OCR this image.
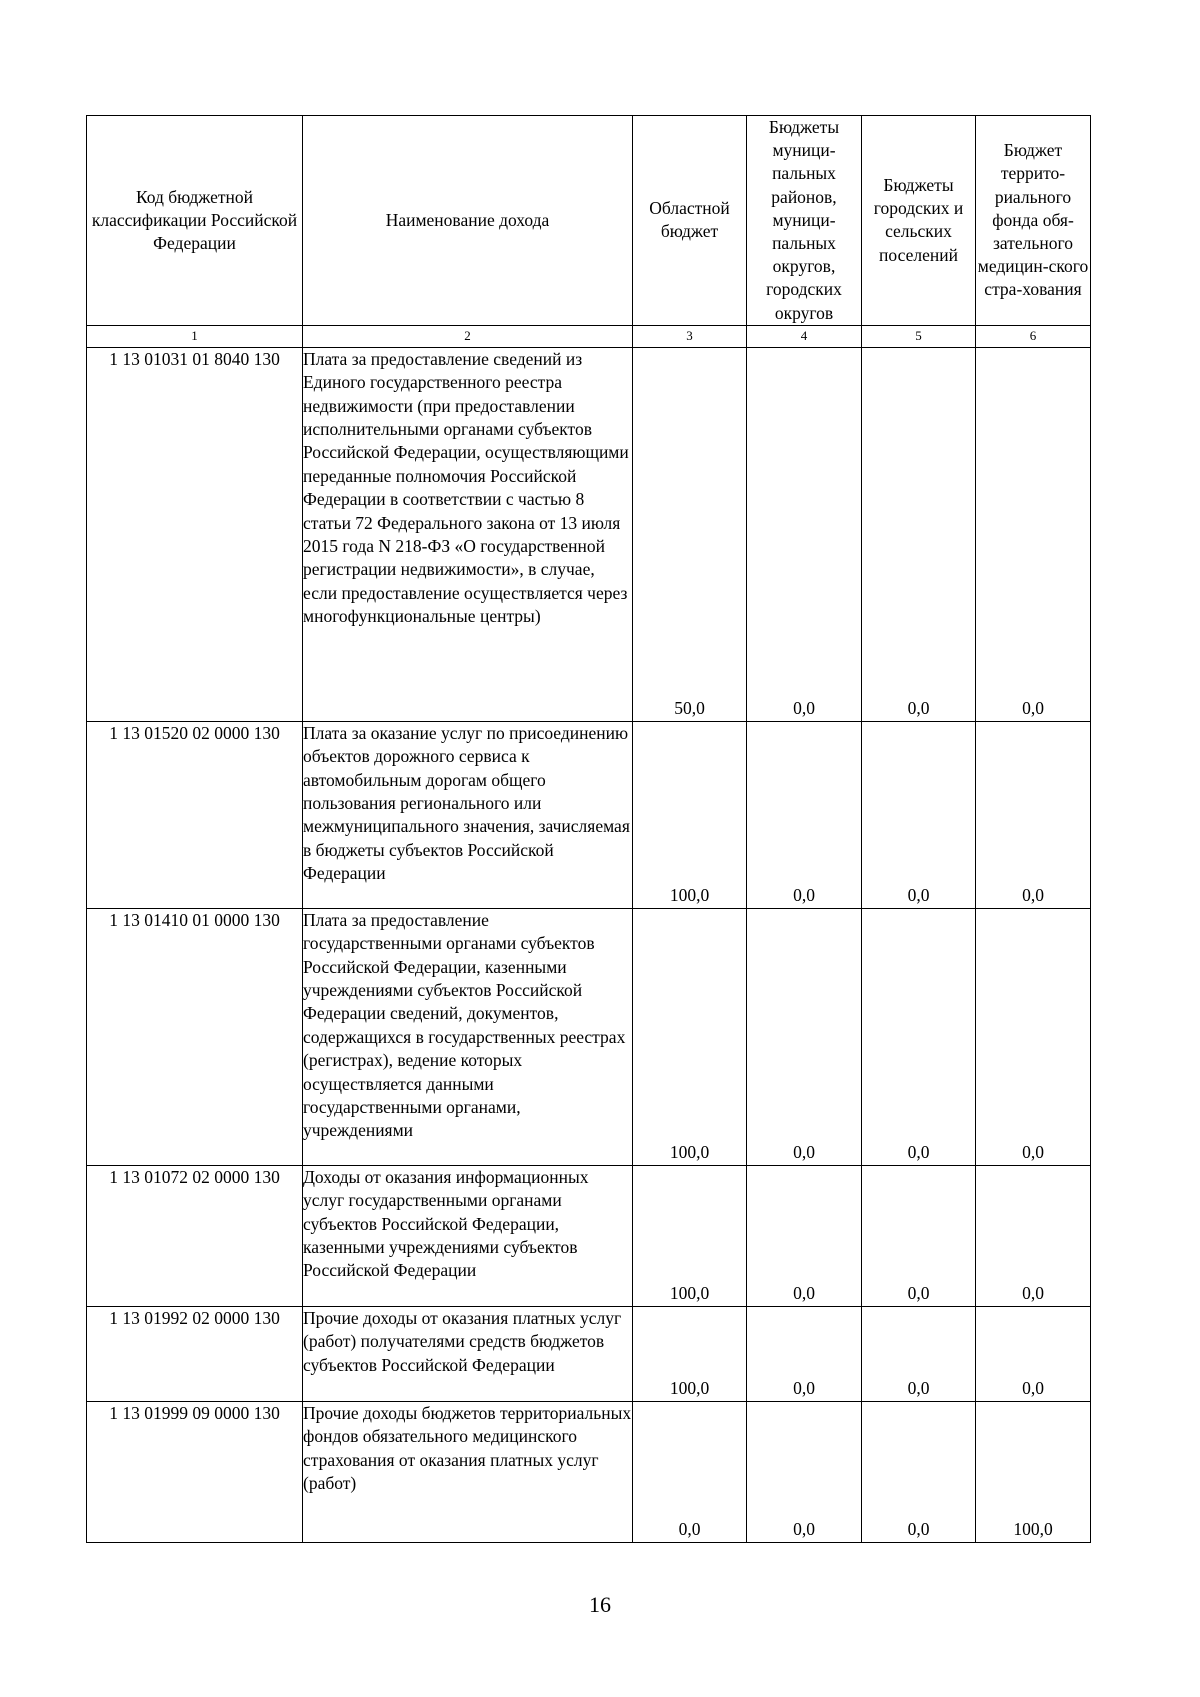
Код бюджетной классификации Российской Федерации	Наименование дохода	Областной бюджет	Бюджеты муници-пальных районов, муници-пальных округов, городских округов	Бюджеты городских и сельских поселений	Бюджет террито-риального фонда обя-зательного медицин-ского стра-хования

1	2	3	4	5	6
1 13 01031 01 8040 130	Плата за предоставление сведений из Единого государственного реестра недвижимости (при предоставлении исполнительными органами субъектов Российской Федерации, осуществляющими переданные полномочия Российской Федерации в соответствии с частью 8 статьи 72 Федерального закона от 13 июля 2015 года N 218-ФЗ «О государственной регистрации недвижимости», в случае, если предоставление осуществляется через многофункциональные центры)	50,0	0,0	0,0	0,0
1 13 01520 02 0000 130	Плата за оказание услуг по присоединению объектов дорожного сервиса к автомобильным дорогам общего пользования регионального или межмуниципального значения, зачисляемая в бюджеты субъектов Российской Федерации	100,0	0,0	0,0	0,0
1 13 01410 01 0000 130	Плата за предоставление государственными органами субъектов Российской Федерации, казенными учреждениями субъектов Российской Федерации сведений, документов, содержащихся в государственных реестрах (регистрах), ведение которых осуществляется данными государственными органами, учреждениями	100,0	0,0	0,0	0,0
1 13 01072 02 0000 130	Доходы от оказания информационных услуг государственными органами субъектов Российской Федерации, казенными учреждениями субъектов Российской Федерации	100,0	0,0	0,0	0,0
1 13 01992 02 0000 130	Прочие доходы от оказания платных услуг (работ) получателями средств бюджетов субъектов Российской Федерации	100,0	0,0	0,0	0,0
1 13 01999 09 0000 130	Прочие доходы бюджетов территориальных фондов обязательного медицинского страхования от оказания платных услуг (работ)	0,0	0,0	0,0	100,0
16
